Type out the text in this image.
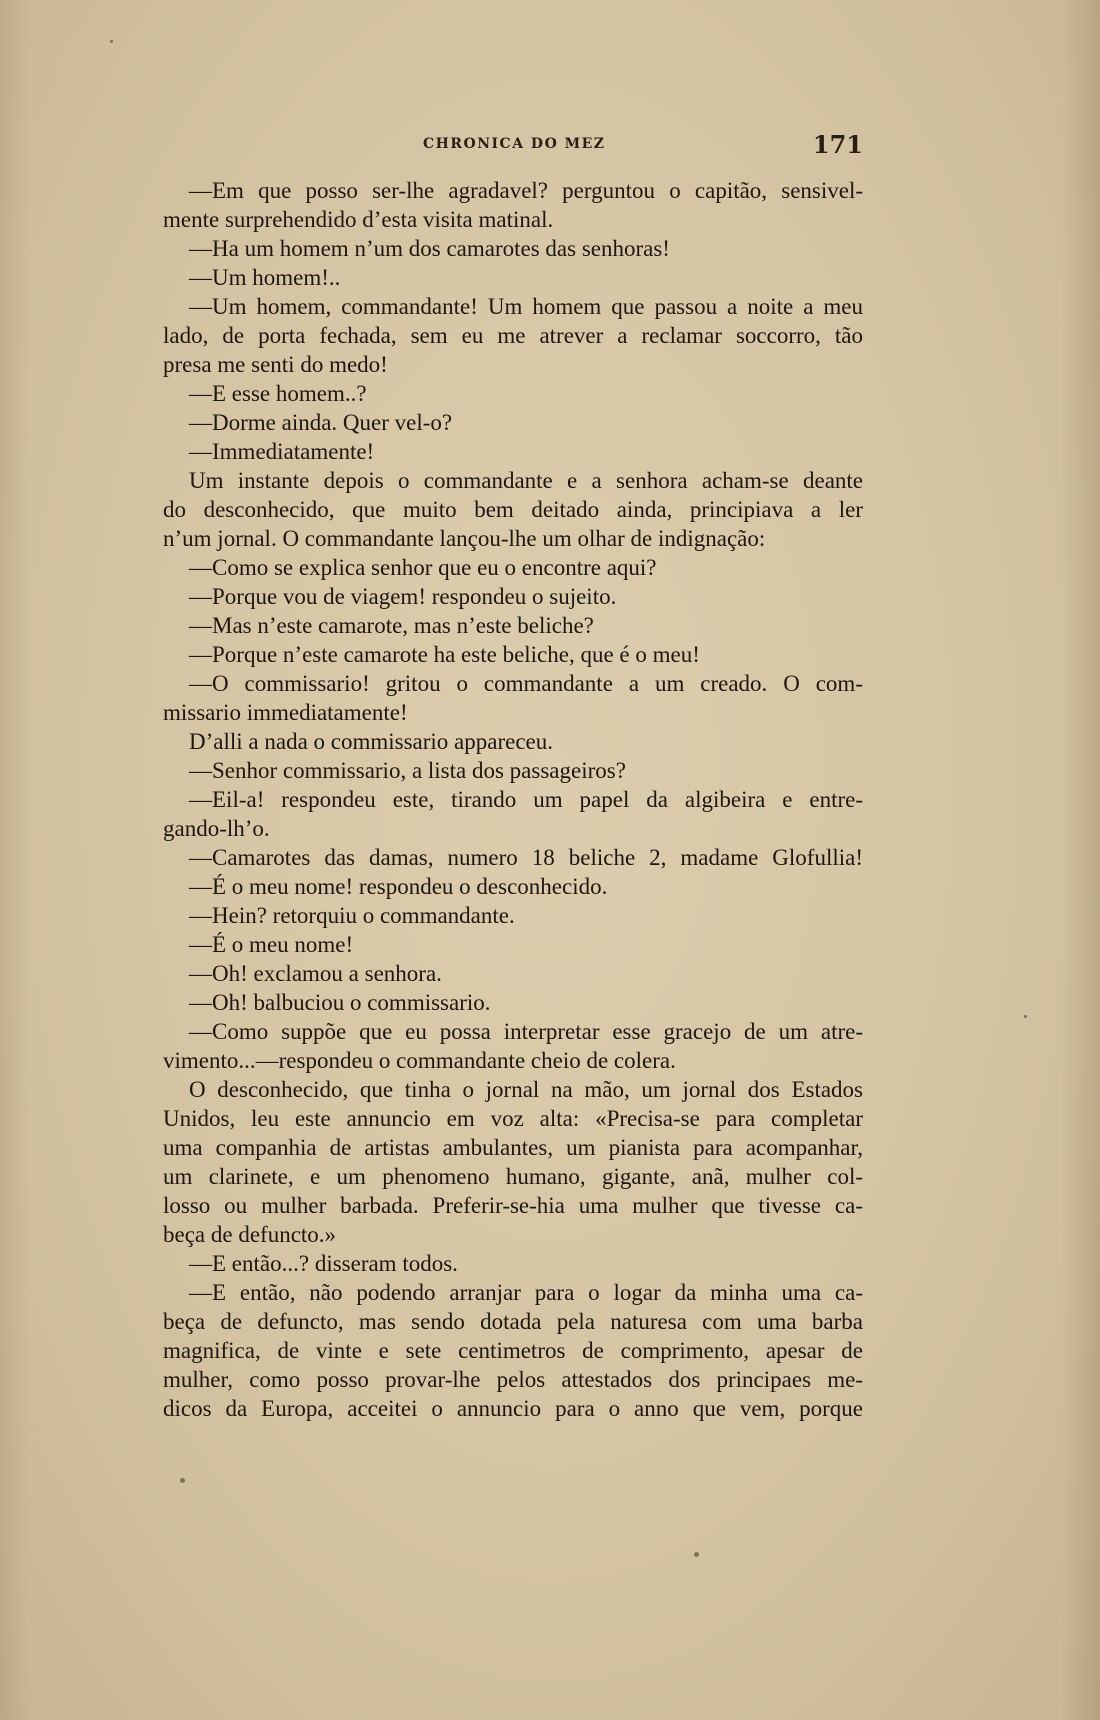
CHRONICA DO MEZ	171
—Em que posso ser-lhe agradavel? perguntou o capitão, sensivel-
mente surprehendido d’esta visita matinal.
—Ha um homem n’um dos camarotes das senhoras!
—Um homem!..
—Um homem, commandante! Um homem que passou a noite a meu
lado, de porta fechada, sem eu me atrever a reclamar soccorro, tão
presa me senti do medo!
—E esse homem..?
—Dorme ainda. Quer vel-o?
—Immediatamente!
Um instante depois o commandante e a senhora acham-se deante
do desconhecido, que muito bem deitado ainda, principiava a ler
n’um jornal. O commandante lançou-lhe um olhar de indignação:
—Como se explica senhor que eu o encontre aqui?
—Porque vou de viagem! respondeu o sujeito.
—Mas n’este camarote, mas n’este beliche?
—Porque n’este camarote ha este beliche, que é o meu!
—O commissario! gritou o commandante a um creado. O com-
missario immediatamente!
D’alli a nada o commissario appareceu.
—Senhor commissario, a lista dos passageiros?
—Eil-a! respondeu este, tirando um papel da algibeira e entre-
gando-lh’o.
—Camarotes das damas, numero 18 beliche 2, madame Glofullia!
—É o meu nome! respondeu o desconhecido.
—Hein? retorquiu o commandante.
—É o meu nome!
—Oh! exclamou a senhora.
—Oh! balbuciou o commissario.
—Como suppõe que eu possa interpretar esse gracejo de um atre-
vimento...—respondeu o commandante cheio de colera.
O desconhecido, que tinha o jornal na mão, um jornal dos Estados
Unidos, leu este annuncio em voz alta: «Precisa-se para completar
uma companhia de artistas ambulantes, um pianista para acompanhar,
um clarinete, e um phenomeno humano, gigante, anã, mulher col-
losso ou mulher barbada. Preferir-se-hia uma mulher que tivesse ca-
beça de defuncto.»
—E então...? disseram todos.
—E então, não podendo arranjar para o logar da minha uma ca-
beça de defuncto, mas sendo dotada pela naturesa com uma barba
magnifica, de vinte e sete centimetros de comprimento, apesar de
mulher, como posso provar-lhe pelos attestados dos principaes me-
dicos da Europa, acceitei o annuncio para o anno que vem, porque
